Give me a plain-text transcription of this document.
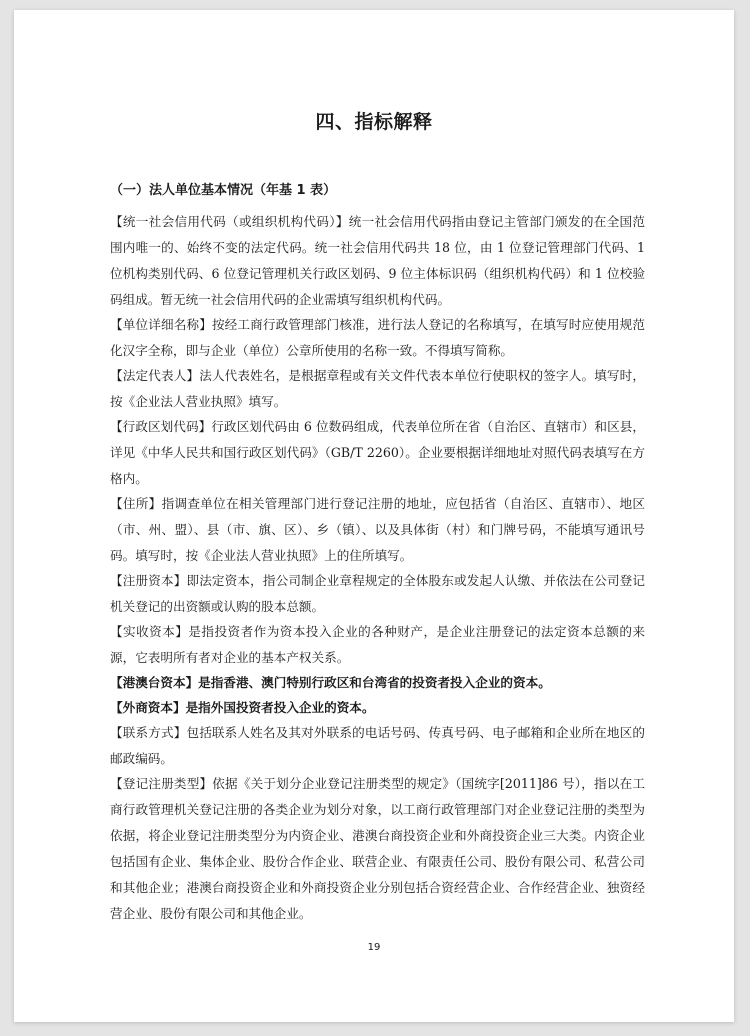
四、指标解释
（一）法人单位基本情况（年基 1 表）

【统一社会信用代码（或组织机构代码）】统一社会信用代码指由登记主管部门颁发的在全国范围内唯一的、始终不变的法定代码。统一社会信用代码共 18 位，由 1 位登记管理部门代码、1 位机构类别代码、6 位登记管理机关行政区划码、9 位主体标识码（组织机构代码）和 1 位校验码组成。暂无统一社会信用代码的企业需填写组织机构代码。

【单位详细名称】按经工商行政管理部门核准，进行法人登记的名称填写，在填写时应使用规范化汉字全称，即与企业（单位）公章所使用的名称一致。不得填写简称。

【法定代表人】法人代表姓名，是根据章程或有关文件代表本单位行使职权的签字人。填写时，按《企业法人营业执照》填写。

【行政区划代码】行政区划代码由 6 位数码组成，代表单位所在省（自治区、直辖市）和区县，详见《中华人民共和国行政区划代码》（GB/T 2260）。企业要根据详细地址对照代码表填写在方格内。

【住所】指调查单位在相关管理部门进行登记注册的地址，应包括省（自治区、直辖市）、地区（市、州、盟）、县（市、旗、区）、乡（镇）、以及具体街（村）和门牌号码，不能填写通讯号码。填写时，按《企业法人营业执照》上的住所填写。

【注册资本】即法定资本，指公司制企业章程规定的全体股东或发起人认缴、并依法在公司登记机关登记的出资额或认购的股本总额。

【实收资本】是指投资者作为资本投入企业的各种财产，是企业注册登记的法定资本总额的来源，它表明所有者对企业的基本产权关系。

【港澳台资本】是指香港、澳门特别行政区和台湾省的投资者投入企业的资本。

【外商资本】是指外国投资者投入企业的资本。

【联系方式】包括联系人姓名及其对外联系的电话号码、传真号码、电子邮箱和企业所在地区的邮政编码。

【登记注册类型】依据《关于划分企业登记注册类型的规定》（国统字[2011]86 号），指以在工商行政管理机关登记注册的各类企业为划分对象，以工商行政管理部门对企业登记注册的类型为依据，将企业登记注册类型分为内资企业、港澳台商投资企业和外商投资企业三大类。内资企业包括国有企业、集体企业、股份合作企业、联营企业、有限责任公司、股份有限公司、私营公司和其他企业；港澳台商投资企业和外商投资企业分别包括合资经营企业、合作经营企业、独资经营企业、股份有限公司和其他企业。

19
